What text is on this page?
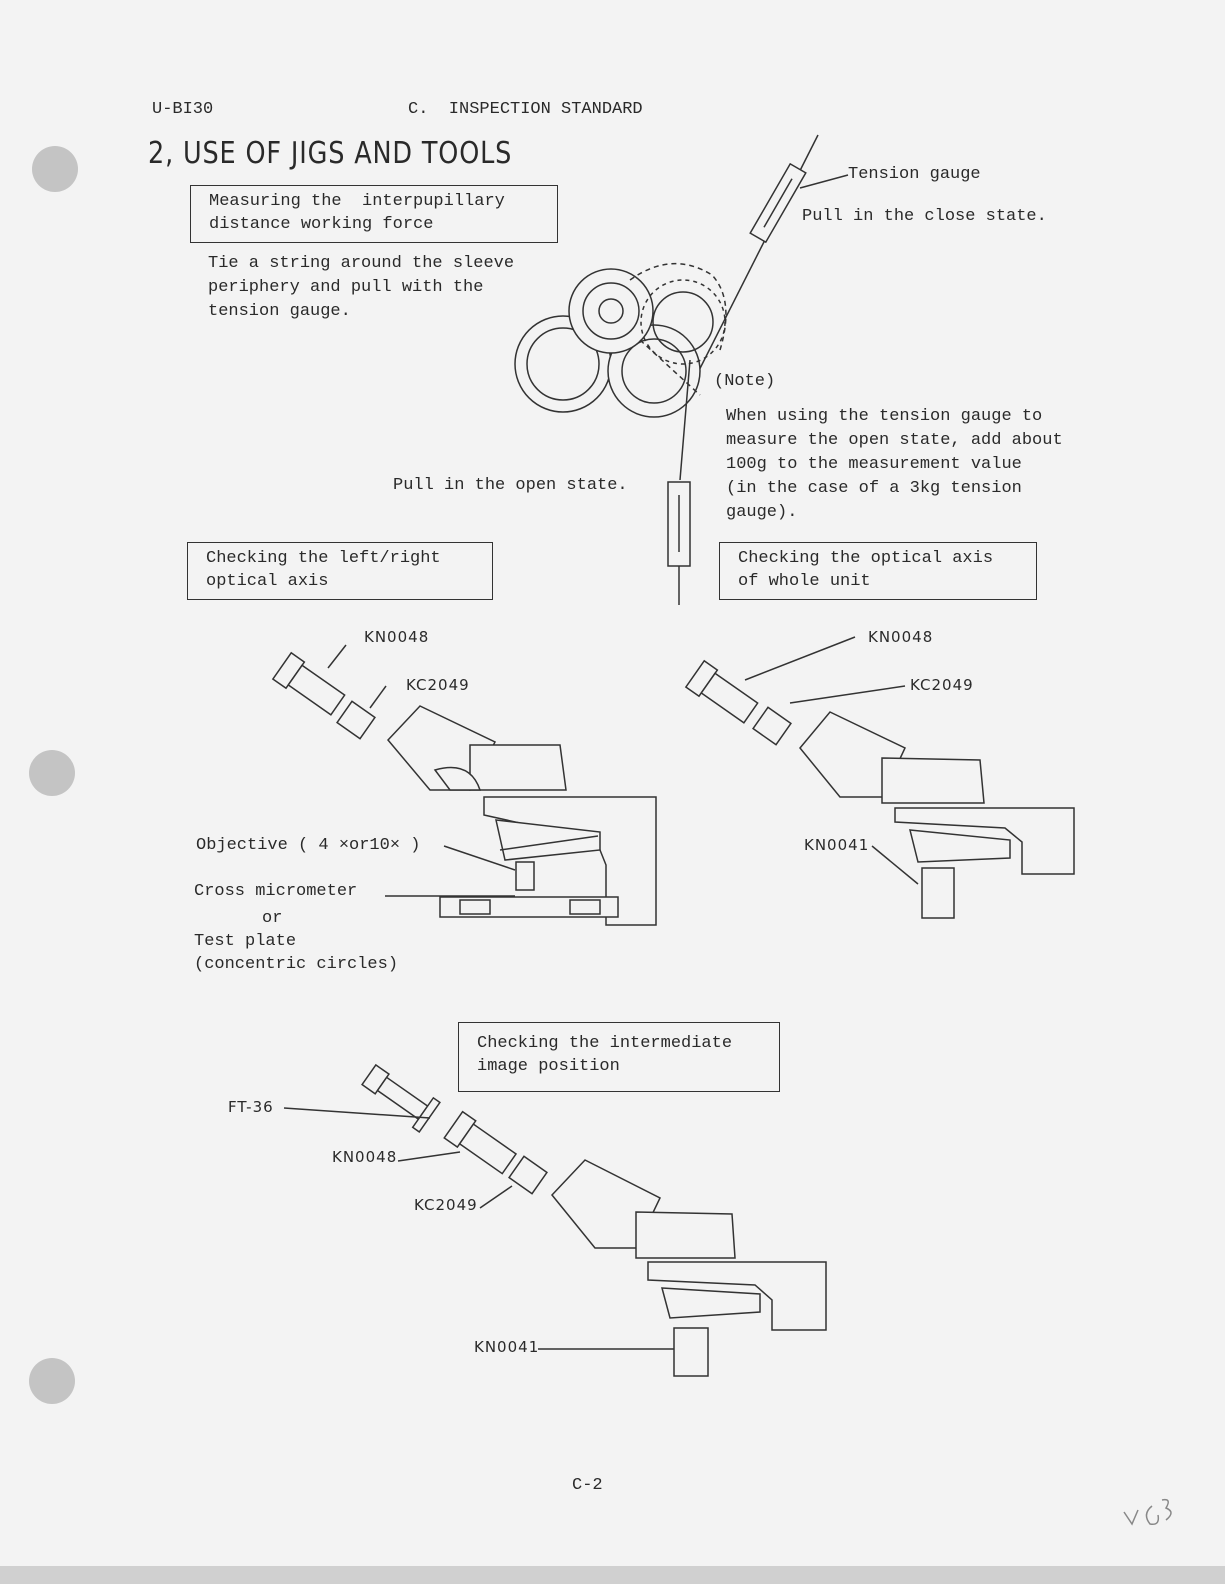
U-BI30	C.  INSPECTION STANDARD
2, USE OF JIGS AND TOOLS
Measuring the  interpupillary
distance working force
Tie a string around the sleeve
periphery and pull with the
tension gauge.
Tension gauge
Pull in the close state.
Pull in the open state.
(Note)
When using the tension gauge to
measure the open state, add about
100g to the measurement value
(in the case of a 3kg tension
gauge).
Checking the left/right
optical axis
KN0048
KC2049
Objective ( 4 ×or10× )
Cross micrometer
or
Test plate
(concentric circles)
Checking the optical axis
of whole unit
KN0048
KC2049
KN0041
Checking the intermediate
image position
FT-36
KN0048
KC2049
KN0041
C-2
